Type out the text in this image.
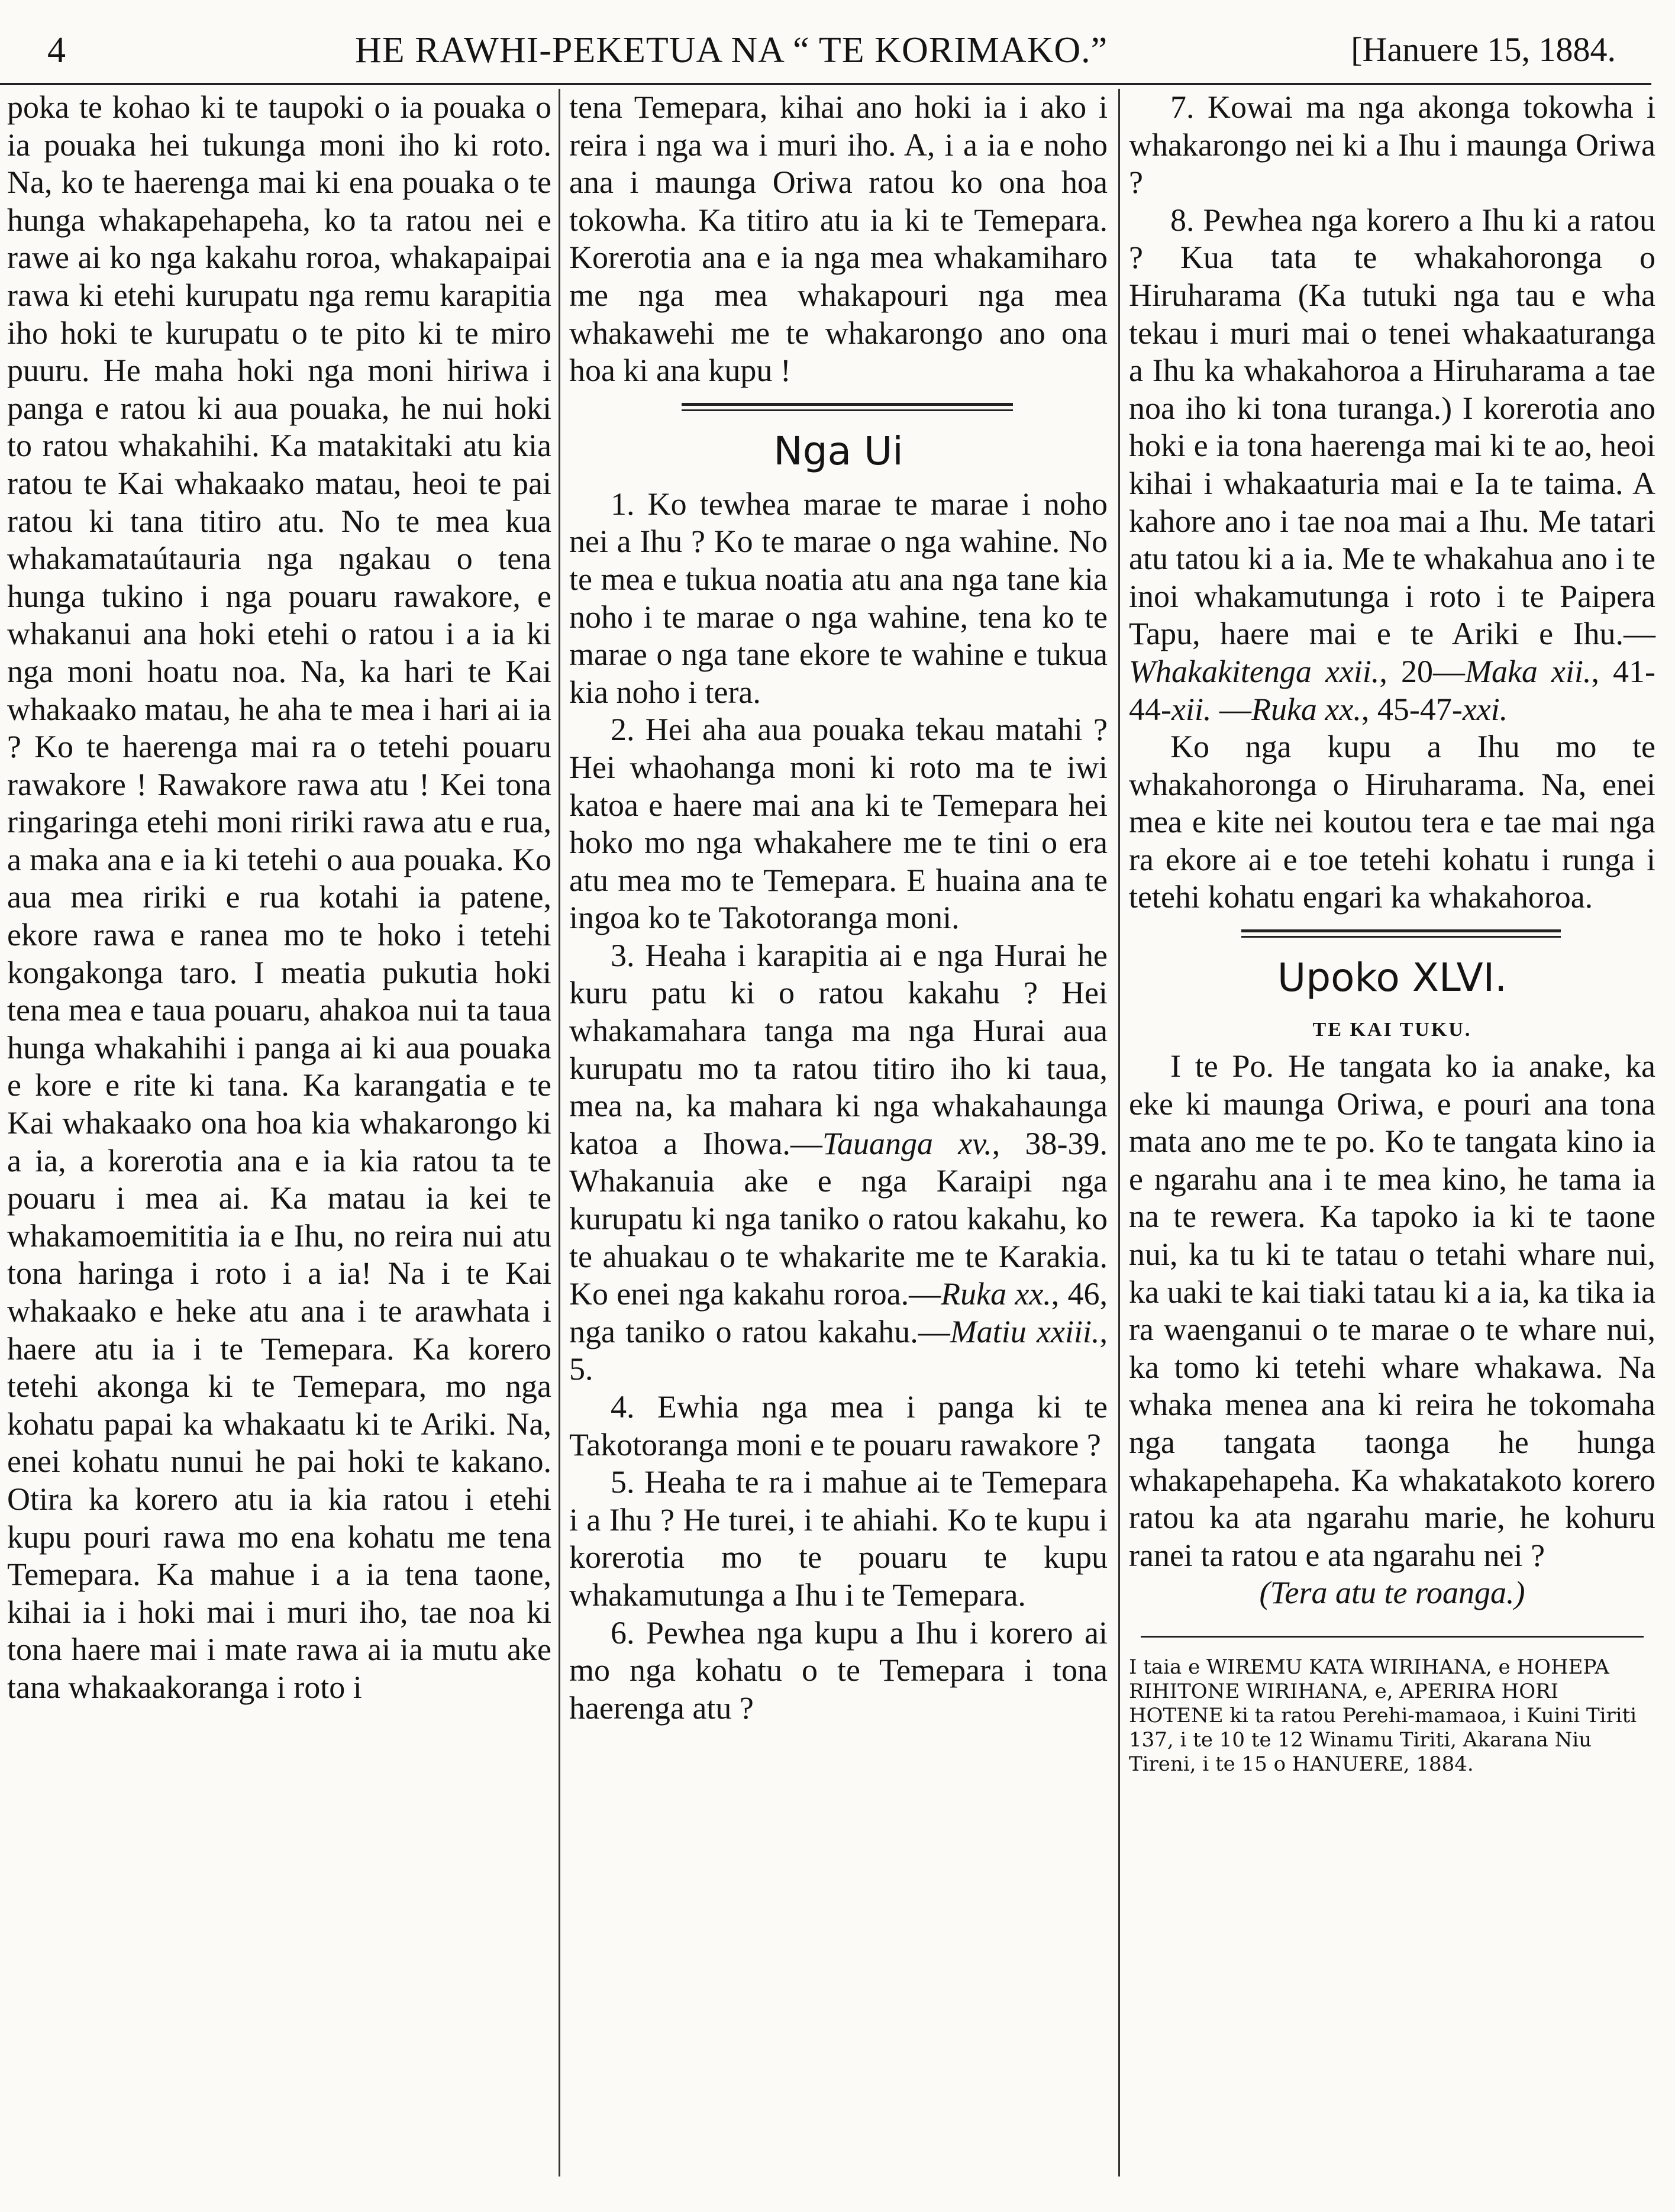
4	HE RAWHI-PEKETUA NA “ TE KORIMAKO.”	[Hanuere 15, 1884.

poka te kohao ki te taupoki o ia pouaka o ia pouaka hei tukunga moni iho ki roto. Na, ko te haerenga mai ki ena pouaka o te hunga whakapehapeha, ko ta ratou nei e rawe ai ko nga kakahu roroa, whakapaipai rawa ki etehi kurupatu nga remu karapitia iho hoki te kurupatu o te pito ki te miro puuru. He maha hoki nga moni hiriwa i panga e ratou ki aua pouaka, he nui hoki to ratou whakahihi. Ka matakitaki atu kia ratou te Kai whakaako matau, heoi te pai ratou ki tana titiro atu. No te mea kua whakamataútauria nga ngakau o tena hunga tukino i nga pouaru rawakore, e whakanui ana hoki etehi o ratou i a ia ki nga moni hoatu noa. Na, ka hari te Kai whakaako matau, he aha te mea i hari ai ia ? Ko te haerenga mai ra o tetehi pouaru rawakore ! Rawakore rawa atu ! Kei tona ringaringa etehi moni ririki rawa atu e rua, a maka ana e ia ki tetehi o aua pouaka. Ko aua mea ririki e rua kotahi ia patene, ekore rawa e ranea mo te hoko i tetehi kongakonga taro. I meatia pukutia hoki tena mea e taua pouaru, ahakoa nui ta taua hunga whakahihi i panga ai ki aua pouaka e kore e rite ki tana. Ka karangatia e te Kai whakaako ona hoa kia whakarongo ki a ia, a korerotia ana e ia kia ratou ta te pouaru i mea ai. Ka matau ia kei te whakamoemititia ia e Ihu, no reira nui atu tona haringa i roto i a ia! Na i te Kai whakaako e heke atu ana i te arawhata i haere atu ia i te Temepara. Ka korero tetehi akonga ki te Temepara, mo nga kohatu papai ka whakaatu ki te Ariki. Na, enei kohatu nunui he pai hoki te kakano. Otira ka korero atu ia kia ratou i etehi kupu pouri rawa mo ena kohatu me tena Temepara. Ka mahue i a ia tena taone, kihai ia i hoki mai i muri iho, tae noa ki tona haere mai i mate rawa ai ia mutu ake tana whakaakoranga i roto i

tena Temepara, kihai ano hoki ia i ako i reira i nga wa i muri iho. A, i a ia e noho ana i maunga Oriwa ratou ko ona hoa tokowha. Ka titiro atu ia ki te Temepara. Korerotia ana e ia nga mea whakamiharo me nga mea whakapouri nga mea whakawehi me te whakarongo ano ona hoa ki ana kupu !

Nga Ui

1. Ko tewhea marae te marae i noho nei a Ihu ? Ko te marae o nga wahine. No te mea e tukua noatia atu ana nga tane kia noho i te marae o nga wahine, tena ko te marae o nga tane ekore te wahine e tukua kia noho i tera.

2. Hei aha aua pouaka tekau matahi ? Hei whaohanga moni ki roto ma te iwi katoa e haere mai ana ki te Temepara hei hoko mo nga whakahere me te tini o era atu mea mo te Temepara. E huaina ana te ingoa ko te Takotoranga moni.

3. Heaha i karapitia ai e nga Hurai he kuru patu ki o ratou kakahu ? Hei whakamahara tanga ma nga Hurai aua kurupatu mo ta ratou titiro iho ki taua, mea na, ka mahara ki nga whakahaunga katoa a Ihowa.—Tauanga xv., 38-39. Whakanuia ake e nga Karaipi nga kurupatu ki nga taniko o ratou kakahu, ko te ahuakau o te whakarite me te Karakia. Ko enei nga kakahu roroa.—Ruka xx., 46, nga taniko o ratou kakahu.—Matiu xxiii., 5.

4. Ewhia nga mea i panga ki te Takotoranga moni e te pouaru rawakore ?

5. Heaha te ra i mahue ai te Temepara i a Ihu ? He turei, i te ahiahi. Ko te kupu i korerotia mo te pouaru te kupu whakamutunga a Ihu i te Temepara.

6. Pewhea nga kupu a Ihu i korero ai mo nga kohatu o te Temepara i tona haerenga atu ?

7. Kowai ma nga akonga tokowha i whakarongo nei ki a Ihu i maunga Oriwa ?

8. Pewhea nga korero a Ihu ki a ratou ? Kua tata te whakahoronga o Hiruharama (Ka tutuki nga tau e wha tekau i muri mai o tenei whakaaturanga a Ihu ka whakahoroa a Hiruharama a tae noa iho ki tona turanga.) I korerotia ano hoki e ia tona haerenga mai ki te ao, heoi kihai i whakaaturia mai e Ia te taima. A kahore ano i tae noa mai a Ihu. Me tatari atu tatou ki a ia. Me te whakahua ano i te inoi whakamutunga i roto i te Paipera Tapu, haere mai e te Ariki e Ihu.—Whakakitenga xxii., 20—Maka xii., 41-44-xii. —Ruka xx., 45-47-xxi.

Ko nga kupu a Ihu mo te whakahoronga o Hiruharama. Na, enei mea e kite nei koutou tera e tae mai nga ra ekore ai e toe tetehi kohatu i runga i tetehi kohatu engari ka whakahoroa.

Upoko XLVI.
TE KAI TUKU.

I te Po. He tangata ko ia anake, ka eke ki maunga Oriwa, e pouri ana tona mata ano me te po. Ko te tangata kino ia e ngarahu ana i te mea kino, he tama ia na te rewera. Ka tapoko ia ki te taone nui, ka tu ki te tatau o tetahi whare nui, ka uaki te kai tiaki tatau ki a ia, ka tika ia ra waenganui o te marae o te whare nui, ka tomo ki tetehi whare whakawa. Na whaka menea ana ki reira he tokomaha nga tangata taonga he hunga whakapehapeha. Ka whakatakoto korero ratou ka ata ngarahu marie, he kohuru ranei ta ratou e ata ngarahu nei ?

(Tera atu te roanga.)

I taia e WIREMU KATA WIRIHANA, e HOHEPA RIHITONE WIRIHANA, e, APERIRA HORI HOTENE ki ta ratou Perehi-mamaoa, i Kuini Tiriti 137, i te 10 te 12 Winamu Tiriti, Akarana Niu Tireni, i te 15 o HANUERE, 1884.
